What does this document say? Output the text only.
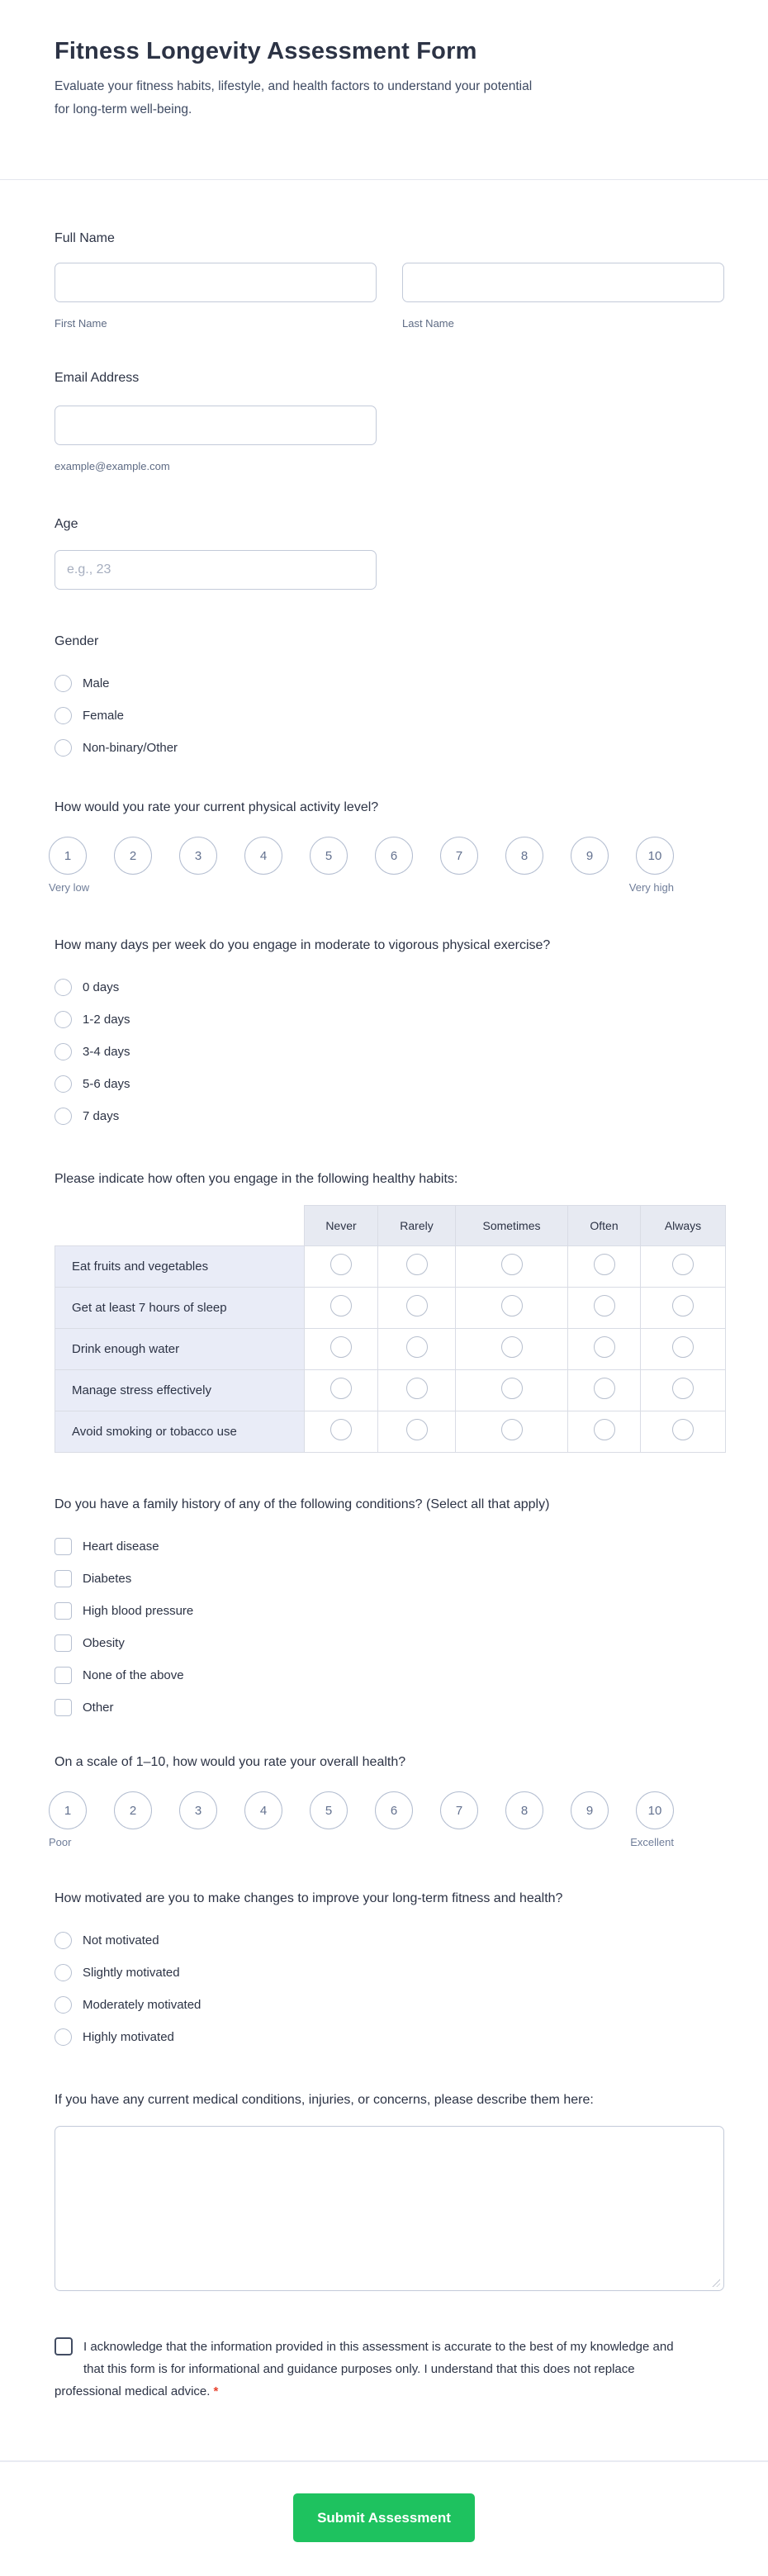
Fitness Longevity Assessment Form
Evaluate your fitness habits, lifestyle, and health factors to understand your potential for long-term well-being.
Full Name
First Name	Last Name
Email Address
example@example.com
Age
e.g., 23
Gender
Male
Female
Non-binary/Other
How would you rate your current physical activity level?
1	2	3	4	5	6	7	8	9	10
Very low	Very high
How many days per week do you engage in moderate to vigorous physical exercise?
0 days
1-2 days
3-4 days
5-6 days
7 days
Please indicate how often you engage in the following healthy habits:
	Never	Rarely	Sometimes	Often	Always
Eat fruits and vegetables					
Get at least 7 hours of sleep					
Drink enough water					
Manage stress effectively					
Avoid smoking or tobacco use					
Do you have a family history of any of the following conditions? (Select all that apply)
Heart disease
Diabetes
High blood pressure
Obesity
None of the above
Other
On a scale of 1–10, how would you rate your overall health?
1	2	3	4	5	6	7	8	9	10
Poor	Excellent
How motivated are you to make changes to improve your long-term fitness and health?
Not motivated
Slightly motivated
Moderately motivated
Highly motivated
If you have any current medical conditions, injuries, or concerns, please describe them here:
I acknowledge that the information provided in this assessment is accurate to the best of my knowledge and that this form is for informational and guidance purposes only. I understand that this does not replace professional medical advice. *
Submit Assessment
